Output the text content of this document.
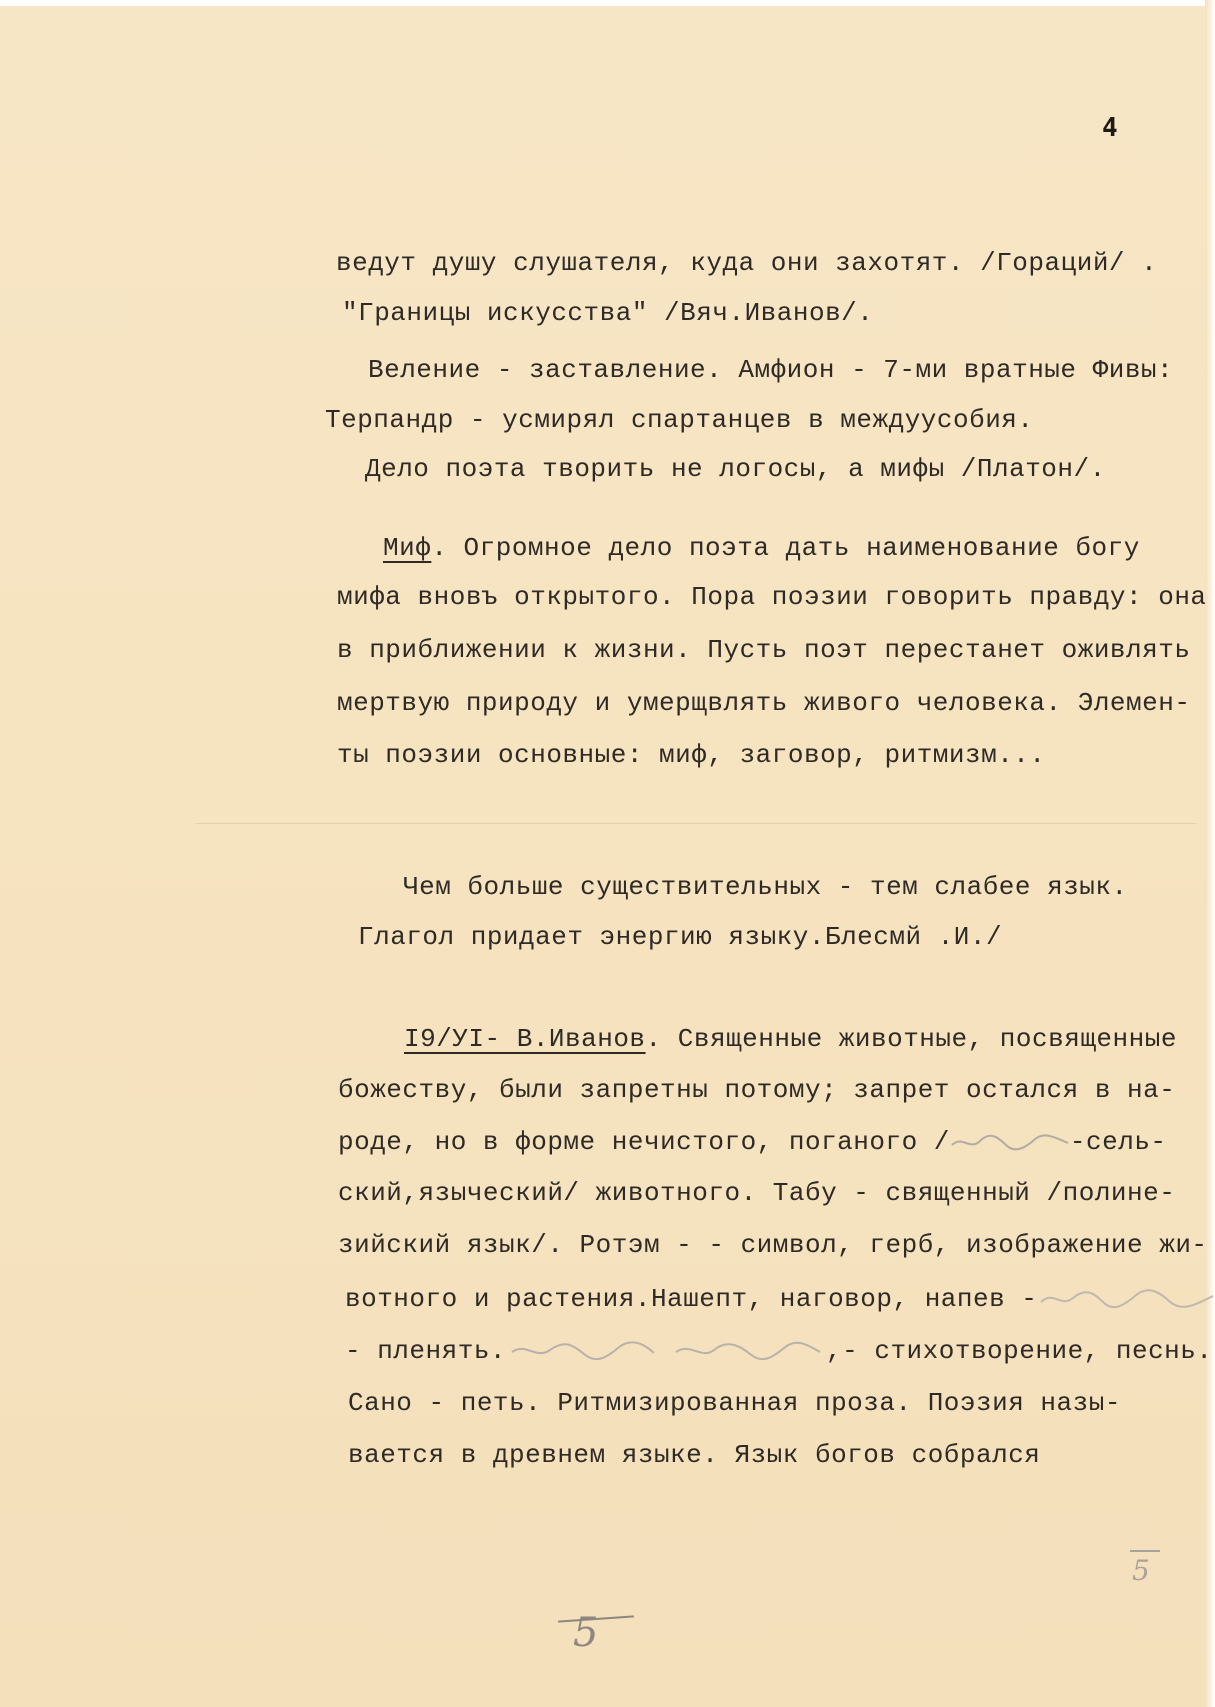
4
ведут душу слушателя, куда они захотят. /Гораций/ .
"Границы искусства" /Вяч.Иванов/.
Веление - заставление. Амфион - 7-ми вратные Фивы:
Терпандр - усмирял спартанцев в междуусобия.
Дело поэта творить не логосы, а мифы /Платон/.
Миф. Огромное дело поэта дать наименование богу
мифа вновъ открытого. Пора поэзии говорить правду: она
в приближении к жизни. Пусть поэт перестанет оживлять
мертвую природу и умерщвлять живого человека. Элемен-
ты поэзии основные: миф, заговор, ритмизм...
Чем больше существительных - тем слабее язык.
Глагол придает энергию языку.Блесмй .И./
I9/УI- В.Иванов. Священные животные, посвященные
божеству, были запретны потому; запрет остался в на-
роде, но в форме нечистого, поганого /	-сель-
ский,языческий/ животного. Табу - священный /полине-
зийский язык/. Ротэм - - символ, герб, изображение жи-
вотного и растения.Нашепт, наговор, напев -
- пленять.	,- стихотворение, песнь.
Сано - петь. Ритмизированная проза. Поэзия назы-
вается в древнем языке. Язык богов собрался
5
5
